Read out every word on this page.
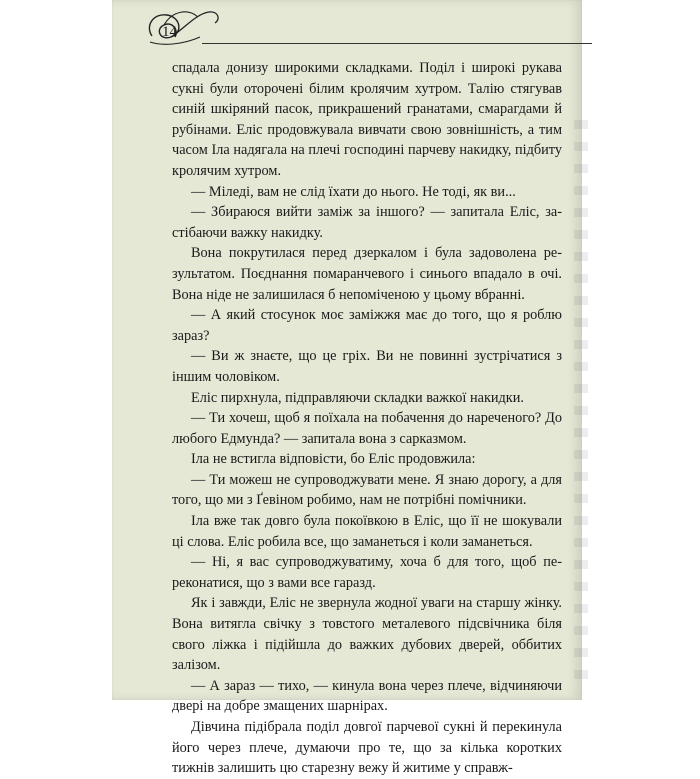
14

спадала донизу широкими складками. Поділ і широкі рукава сукні були оторочені білим кролячим хутром. Талію стягував синій шкіряний пасок, прикрашений гранатами, смарагдами й рубінами. Еліс продовжувала вивчати свою зовнішність, а тим часом Іла надягала на плечі господині парчеву накидку, підбиту кролячим хутром.

— Міледі, вам не слід їхати до нього. Не тоді, як ви...

— Збираюся вийти заміж за іншого? — запитала Еліс, застібаючи важку накидку.

Вона покрутилася перед дзеркалом і була задоволена результатом. Поєднання помаранчевого і синього впадало в очі. Вона ніде не залишилася б непоміченою у цьому вбранні.

— А який стосунок моє заміжжя має до того, що я роблю зараз?

— Ви ж знаєте, що це гріх. Ви не повинні зустрічатися з іншим чоловіком.

Еліс пирхнула, підправляючи складки важкої накидки.

— Ти хочеш, щоб я поїхала на побачення до нареченого? До любого Едмунда? — запитала вона з сарказмом.

Іла не встигла відповісти, бо Еліс продовжила:

— Ти можеш не супроводжувати мене. Я знаю дорогу, а для того, що ми з Ґевіном робимо, нам не потрібні помічники.

Іла вже так довго була покоївкою в Еліс, що її не шокували ці слова. Еліс робила все, що заманеться і коли заманеться.

— Ні, я вас супроводжуватиму, хоча б для того, щоб переконатися, що з вами все гаразд.

Як і завжди, Еліс не звернула жодної уваги на старшу жінку. Вона витягла свічку з товстого металевого підсвічника біля свого ліжка і підійшла до важких дубових дверей, оббитих залізом.

— А зараз — тихо, — кинула вона через плече, відчиняючи двері на добре змащених шарнірах.

Дівчина підібрала поділ довгої парчевої сукні й перекинула його через плече, думаючи про те, що за кілька коротких тижнів залишить цю старезну вежу й житиме у справж-
